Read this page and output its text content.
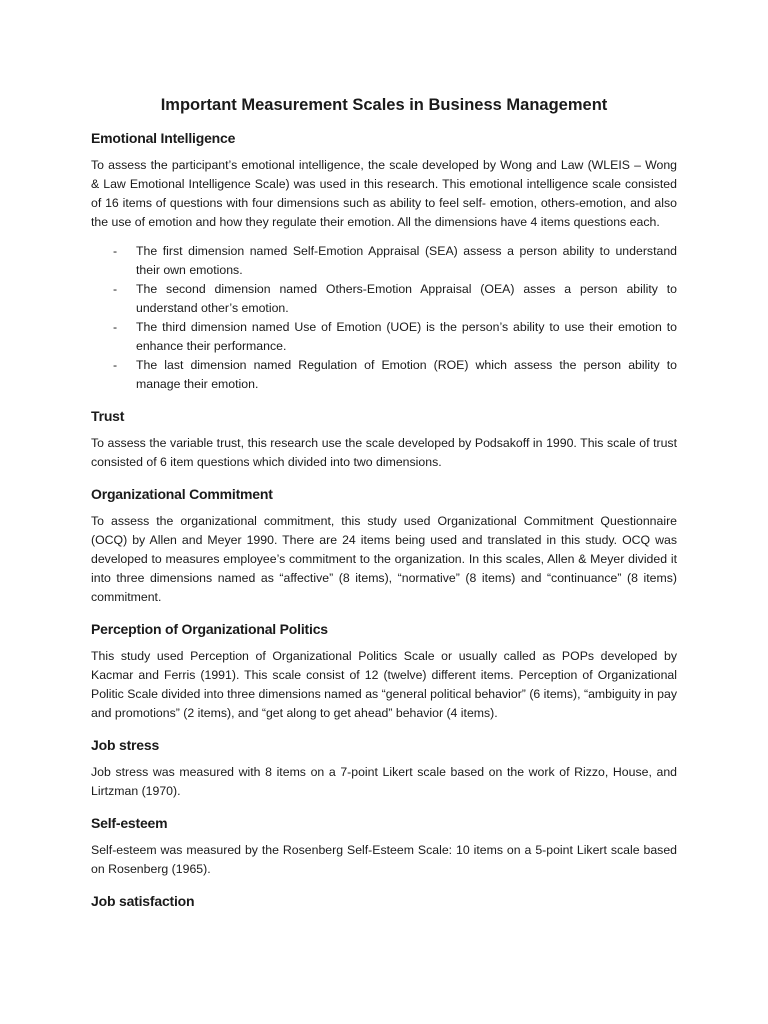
Important Measurement Scales in Business Management
Emotional Intelligence

To assess the participant’s emotional intelligence, the scale developed by Wong and Law (WLEIS – Wong & Law Emotional Intelligence Scale) was used in this research. This emotional intelligence scale consisted of 16 items of questions with four dimensions such as ability to feel self- emotion, others-emotion, and also the use of emotion and how they regulate their emotion. All the dimensions have 4 items questions each.

- The first dimension named Self-Emotion Appraisal (SEA) assess a person ability to understand their own emotions.
- The second dimension named Others-Emotion Appraisal (OEA) asses a person ability to understand other’s emotion.
- The third dimension named Use of Emotion (UOE) is the person’s ability to use their emotion to enhance their performance.
- The last dimension named Regulation of Emotion (ROE) which assess the person ability to manage their emotion.
Trust

To assess the variable trust, this research use the scale developed by Podsakoff in 1990. This scale of trust consisted of 6 item questions which divided into two dimensions.

Organizational Commitment

To assess the organizational commitment, this study used Organizational Commitment Questionnaire (OCQ) by Allen and Meyer 1990. There are 24 items being used and translated in this study. OCQ was developed to measures employee’s commitment to the organization. In this scales, Allen & Meyer divided it into three dimensions named as “affective” (8 items), “normative” (8 items) and “continuance” (8 items) commitment.

Perception of Organizational Politics

This study used Perception of Organizational Politics Scale or usually called as POPs developed by Kacmar and Ferris (1991). This scale consist of 12 (twelve) different items. Perception of Organizational Politic Scale divided into three dimensions named as “general political behavior” (6 items), “ambiguity in pay and promotions” (2 items), and “get along to get ahead” behavior (4 items).

Job stress

Job stress was measured with 8 items on a 7-point Likert scale based on the work of Rizzo, House, and Lirtzman (1970).

Self-esteem

Self-esteem was measured by the Rosenberg Self-Esteem Scale: 10 items on a 5-point Likert scale based on Rosenberg (1965).

Job satisfaction
